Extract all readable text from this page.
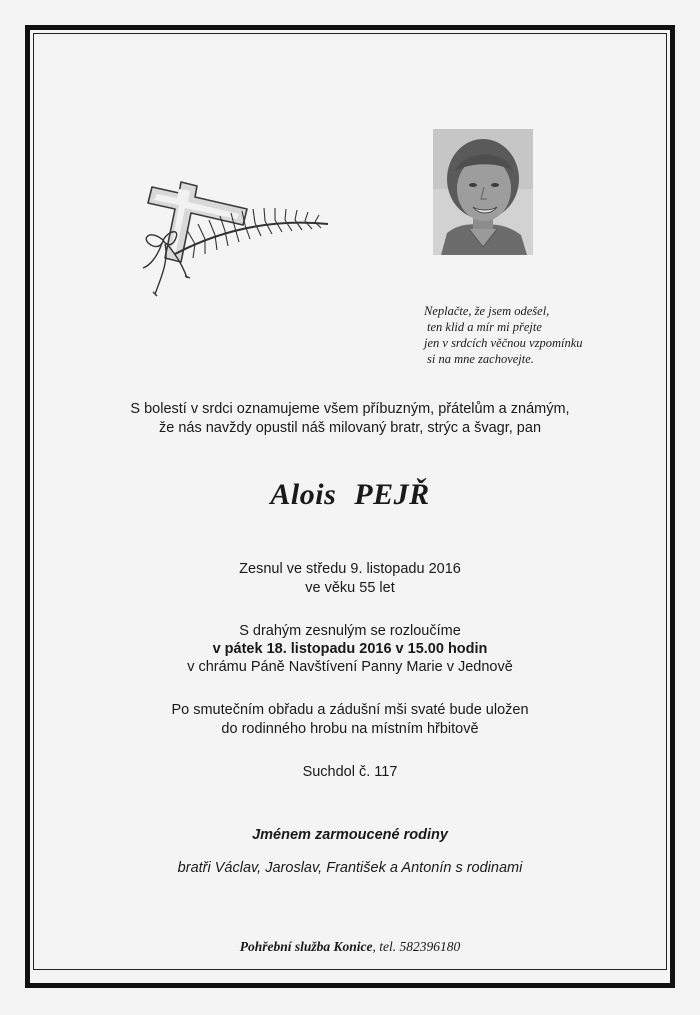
Neplačte, že jsem odešel,
ten klid a mír mi přejte
jen v srdcích věčnou vzpomínku
si na mne zachovejte.
S bolestí v srdci oznamujeme všem příbuzným, přátelům a známým,
že nás navždy opustil náš milovaný bratr, strýc a švagr, pan
Alois PEJŘ
Zesnul ve středu 9. listopadu 2016
ve věku 55 let
S drahým zesnulým se rozloučíme
v pátek 18. listopadu 2016 v 15.00 hodin
v chrámu Páně Navštívení Panny Marie v Jednově
Po smutečním obřadu a zádušní mši svaté bude uložen
do rodinného hrobu na místním hřbitově
Suchdol č. 117
Jménem zarmoucené rodiny
bratři Václav, Jaroslav, František a Antonín s rodinami
Pohřební služba Konice, tel. 582396180
